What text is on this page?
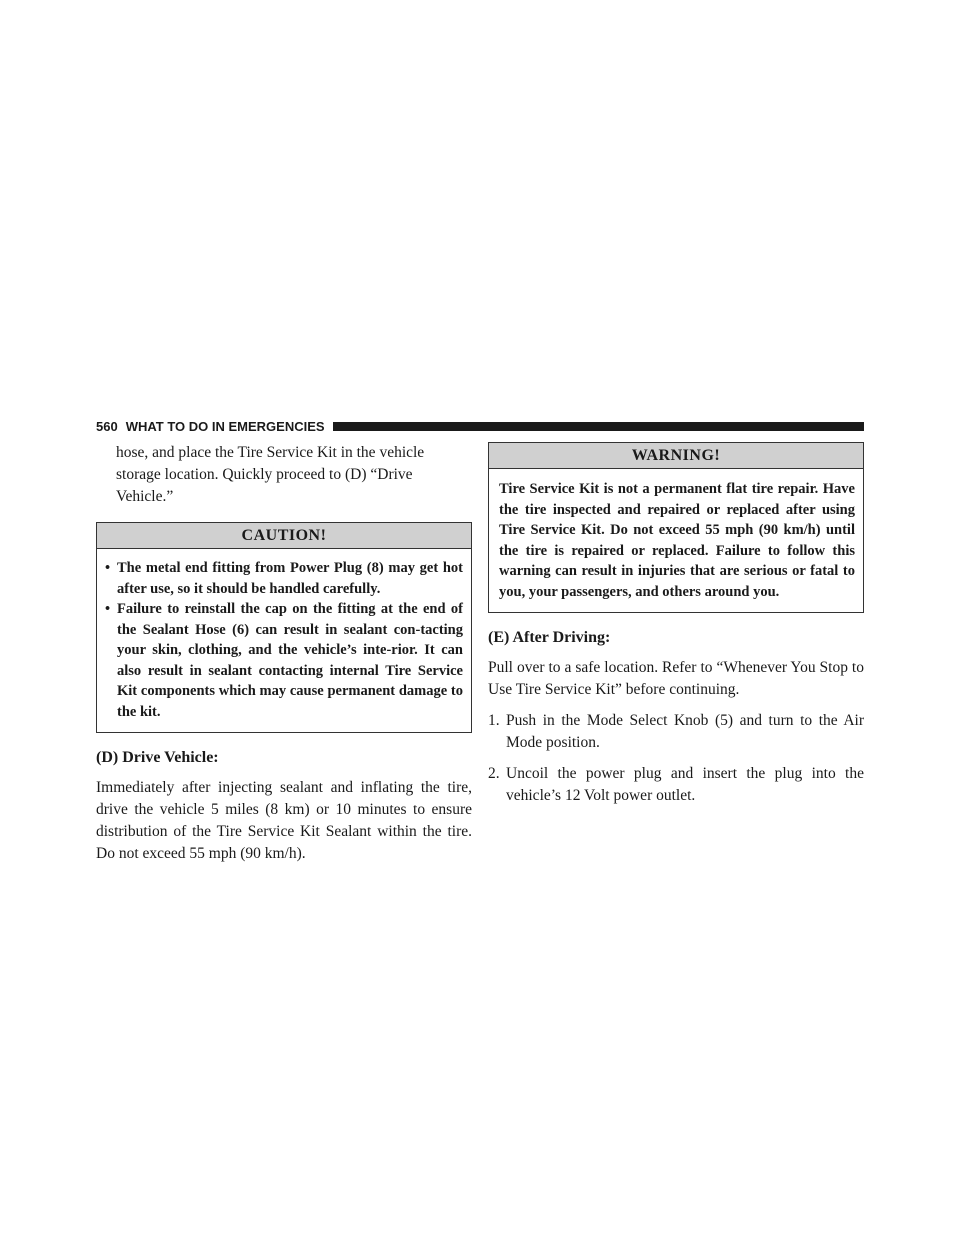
560 WHAT TO DO IN EMERGENCIES

hose, and place the Tire Service Kit in the vehicle storage location. Quickly proceed to (D) “Drive Vehicle.”

CAUTION!
• The metal end fitting from Power Plug (8) may get hot after use, so it should be handled carefully.
• Failure to reinstall the cap on the fitting at the end of the Sealant Hose (6) can result in sealant con-tacting your skin, clothing, and the vehicle’s inte-rior. It can also result in sealant contacting internal Tire Service Kit components which may cause permanent damage to the kit.
(D) Drive Vehicle:

Immediately after injecting sealant and inflating the tire, drive the vehicle 5 miles (8 km) or 10 minutes to ensure distribution of the Tire Service Kit Sealant within the tire. Do not exceed 55 mph (90 km/h).

WARNING!
Tire Service Kit is not a permanent flat tire repair. Have the tire inspected and repaired or replaced after using Tire Service Kit. Do not exceed 55 mph (90 km/h) until the tire is repaired or replaced. Failure to follow this warning can result in injuries that are serious or fatal to you, your passengers, and others around you.
(E) After Driving:

Pull over to a safe location. Refer to “Whenever You Stop to Use Tire Service Kit” before continuing.

1. Push in the Mode Select Knob (5) and turn to the Air Mode position.
2. Uncoil the power plug and insert the plug into the vehicle’s 12 Volt power outlet.
